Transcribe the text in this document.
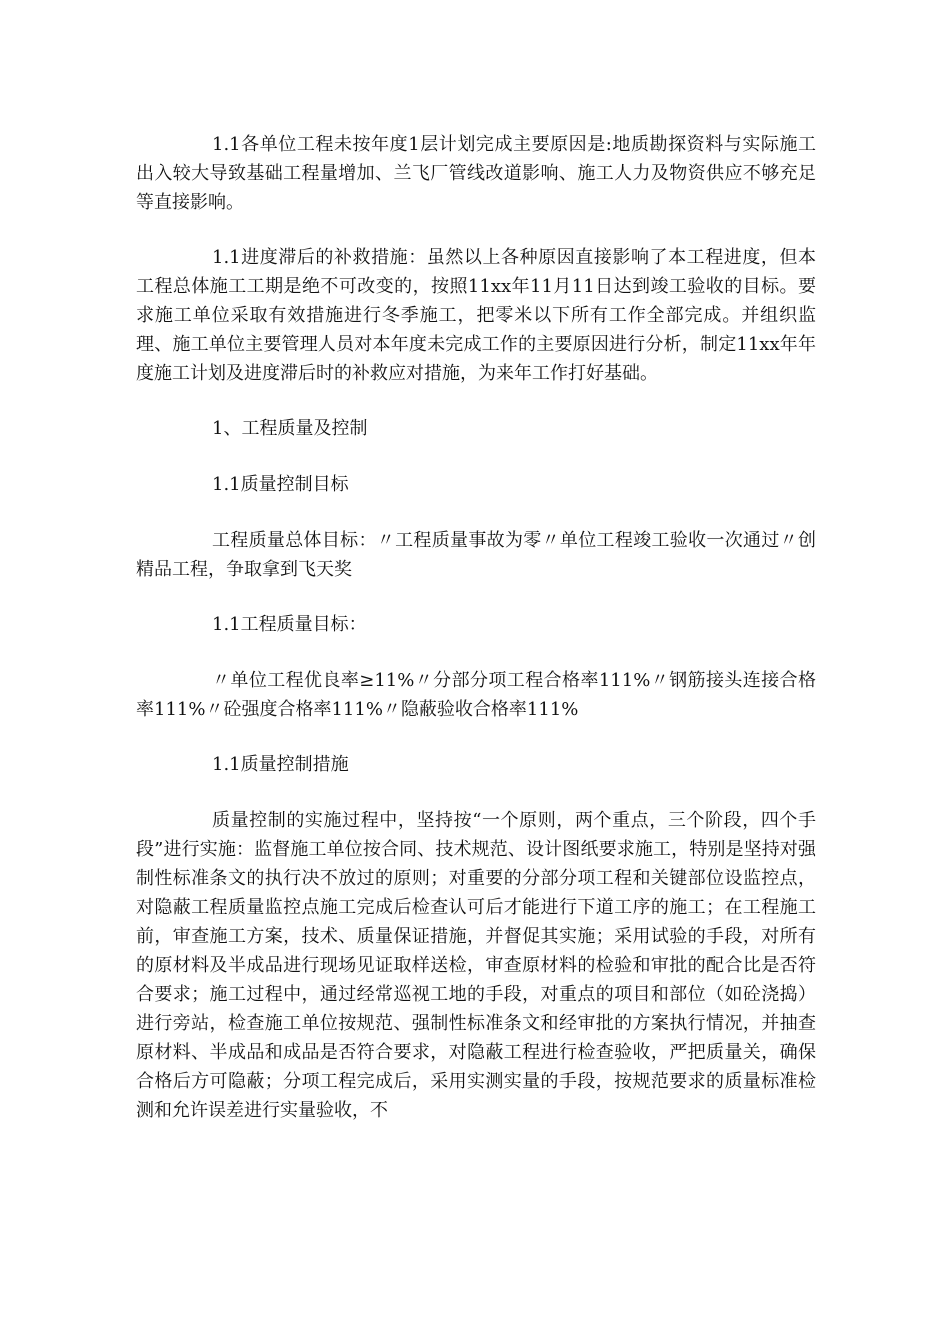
1.1各单位工程未按年度1层计划完成主要原因是:地质勘探资料与实际施工出入较大导致基础工程量增加、兰飞厂管线改道影响、施工人力及物资供应不够充足等直接影响。

1.1进度滞后的补救措施：虽然以上各种原因直接影响了本工程进度，但本工程总体施工工期是绝不可改变的，按照11xx年11月11日达到竣工验收的目标。要求施工单位采取有效措施进行冬季施工，把零米以下所有工作全部完成。并组织监理、施工单位主要管理人员对本年度未完成工作的主要原因进行分析，制定11xx年年度施工计划及进度滞后时的补救应对措施，为来年工作打好基础。

1、工程质量及控制

1.1质量控制目标

工程质量总体目标：〃工程质量事故为零〃单位工程竣工验收一次通过〃创精品工程，争取拿到飞天奖

1.1工程质量目标：

〃单位工程优良率≥11%〃分部分项工程合格率111%〃钢筋接头连接合格率111%〃砼强度合格率111%〃隐蔽验收合格率111%

1.1质量控制措施

质量控制的实施过程中，坚持按“一个原则，两个重点，三个阶段，四个手段”进行实施：监督施工单位按合同、技术规范、设计图纸要求施工，特别是坚持对强制性标准条文的执行决不放过的原则；对重要的分部分项工程和关键部位设监控点，对隐蔽工程质量监控点施工完成后检查认可后才能进行下道工序的施工；在工程施工前，审查施工方案，技术、质量保证措施，并督促其实施；采用试验的手段，对所有的原材料及半成品进行现场见证取样送检，审查原材料的检验和审批的配合比是否符合要求；施工过程中，通过经常巡视工地的手段，对重点的项目和部位（如砼浇捣）进行旁站，检查施工单位按规范、强制性标准条文和经审批的方案执行情况，并抽查原材料、半成品和成品是否符合要求，对隐蔽工程进行检查验收，严把质量关，确保合格后方可隐蔽；分项工程完成后，采用实测实量的手段，按规范要求的质量标准检测和允许误差进行实量验收，不
